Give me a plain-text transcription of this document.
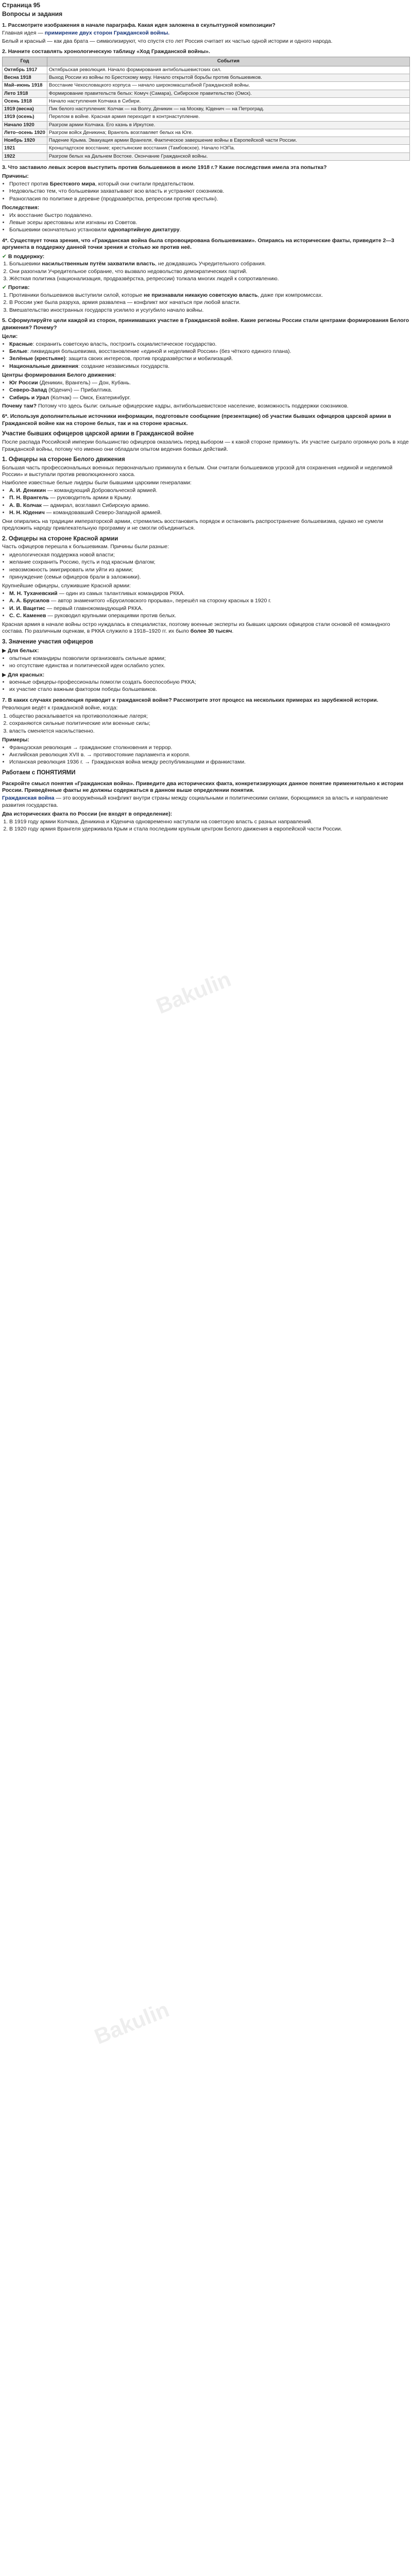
Bakulin
Bakulin
Страница 95
Вопросы и задания
1. Рассмотрите изображения в начале параграфа. Какая идея заложена в скульптурной композиции?

Главная идея — примирение двух сторон Гражданской войны.

Белый и красный — как два брата — символизируют, что спустя сто лет Россия считает их частью одной истории и одного народа.

2. Начните составлять хронологическую таблицу «Ход Гражданской войны».
Год	События
Октябрь 1917	Октябрьская революция. Начало формирования антибольшевистских сил.
Весна 1918	Выход России из войны по Брестскому миру. Начало открытой борьбы против большевиков.
Май–июнь 1918	Восстание Чехословацкого корпуса — начало широкомасштабной Гражданской войны.
Лето 1918	Формирование правительств белых: Комуч (Самара), Сибирское правительство (Омск).
Осень 1918	Начало наступления Колчака в Сибири.
1919 (весна)	Пик белого наступления: Колчак — на Волгу, Деникин — на Москву, Юденич — на Петроград.
1919 (осень)	Перелом в войне. Красная армия переходит в контрнаступление.
Начало 1920	Разгром армии Колчака. Его казнь в Иркутске.
Лето–осень 1920	Разгром войск Деникина; Врангель возглавляет белых на Юге.
Ноябрь 1920	Падение Крыма. Эвакуация армии Врангеля. Фактическое завершение войны в Европейской части России.
1921	Кронштадтское восстание; крестьянские восстания (Тамбовское). Начало НЭПа.
1922	Разгром белых на Дальнем Востоке. Окончание Гражданской войны.
3. Что заставило левых эсеров выступить против большевиков в июле 1918 г.? Какие последствия имела эта попытка?
Причины:
• Протест против Брестского мира, который они считали предательством.
• Недовольство тем, что большевики захватывают всю власть и устраняют союзников.
• Разногласия по политике в деревне (продразвёрстка, репрессии против крестьян).
Последствия:
• Их восстание быстро подавлено.
• Левые эсеры арестованы или изгнаны из Советов.
• Большевики окончательно установили однопартийную диктатуру.
4*. Существует точка зрения, что «Гражданская война была спровоцирована большевиками». Опираясь на исторические факты, приведите 2—3 аргумента в поддержку данной точки зрения и столько же против неё.
✔ В поддержку:
1. Большевики насильственным путём захватили власть, не дождавшись Учредительного собрания.
2. Они разогнали Учредительное собрание, что вызвало недовольство демократических партий.
3. Жёсткая политика (национализация, продразвёрстка, репрессии) толкала многих людей к сопротивлению.
✔ Против:
1. Противники большевиков выступили силой, которые не признавали никакую советскую власть, даже при компромиссах.
2. В России уже была разруха, армия развалена — конфликт мог начаться при любой власти.
3. Вмешательство иностранных государств усилило и усугубило начало войны.
5. Сформулируйте цели каждой из сторон, принимавших участие в Гражданской войне. Какие регионы России стали центрами формирования Белого движения? Почему?
Цели:
• Красные: сохранить советскую власть, построить социалистическое государство.
• Белые: ликвидация большевизма, восстановление «единой и неделимой России» (без чёткого единого плана).
• Зелёные (крестьяне): защита своих интересов, против продразвёрстки и мобилизаций.
• Национальные движения: создание независимых государств.
Центры формирования Белого движения:
• Юг России (Деникин, Врангель) — Дон, Кубань.
• Северо-Запад (Юденич) — Прибалтика.
• Сибирь и Урал (Колчак) — Омск, Екатеринбург.

Почему там? Потому что здесь были: сильные офицерские кадры, антибольшевистское население, возможность поддержки союзников.

6*. Используя дополнительные источники информации, подготовьте сообщение (презентацию) об участии бывших офицеров царской армии в Гражданской войне как на стороне белых, так и на стороне красных.
Участие бывших офицеров царской армии в Гражданской войне

После распада Российской империи большинство офицеров оказались перед выбором — к какой стороне примкнуть. Их участие сыграло огромную роль в ходе Гражданской войны, потому что именно они обладали опытом ведения боевых действий.

1. Офицеры на стороне Белого движения

Большая часть профессиональных военных первоначально примкнула к белым. Они считали большевиков угрозой для сохранения «единой и неделимой России» и выступали против революционного хаоса.

Наиболее известные белые лидеры были бывшими царскими генералами:

• А. И. Деникин — командующий Добровольческой армией.
• П. Н. Врангель — руководитель армии в Крыму.
• А. В. Колчак — адмирал, возглавил Сибирскую армию.
• Н. Н. Юденич — командовавший Северо-Западной армией.

Они опирались на традиции императорской армии, стремились восстановить порядок и остановить распространение большевизма, однако не сумели предложить народу привлекательную программу и не смогли объединиться.

2. Офицеры на стороне Красной армии

Часть офицеров перешла к большевикам. Причины были разные:

• идеологическая поддержка новой власти;
• желание сохранить Россию, пусть и под красным флагом;
• невозможность эмигрировать или уйти из армии;
• принуждение (семьи офицеров брали в заложники).

Крупнейшие офицеры, служившие Красной армии:

• М. Н. Тухачевский — один из самых талантливых командиров РККА.
• А. А. Брусилов — автор знаменитого «Брусиловского прорыва», перешёл на сторону красных в 1920 г.
• И. И. Вацетис — первый главнокомандующий РККА.
• С. С. Каменев — руководил крупными операциями против белых.

Красная армия в начале войны остро нуждалась в специалистах, поэтому военные эксперты из бывших царских офицеров стали основой её командного состава. По различным оценкам, в РККА служило в 1918–1920 гг. их было более 30 тысяч.

3. Значение участия офицеров
▶ Для белых:
• опытные командиры позволили организовать сильные армии;
• но отсутствие единства и политической идеи ослабило успех.
▶ Для красных:
• военные офицеры-профессионалы помогли создать боеспособную РККА;
• их участие стало важным фактором победы большевиков.
7. В каких случаях революция приводит к гражданской войне? Рассмотрите этот процесс на нескольких примерах из зарубежной истории.

Революция ведёт к гражданской войне, когда:

1. общество раскалывается на противоположные лагеря;
2. сохраняются сильные политические или военные силы;
3. власть сменяется насильственно.
Примеры:
• Французская революция → гражданские столкновения и террор.
• Английская революция XVII в. → противостояние парламента и короля.
• Испанская революция 1936 г. → Гражданская война между республиканцами и франкистами.
Работаем с ПОНЯТИЯМИ
Раскройте смысл понятия «Гражданская война». Приведите два исторических факта, конкретизирующих данное понятие применительно к истории России. Приведённые факты не должны содержаться в данном выше определении понятия.

Гражданская война — это вооружённый конфликт внутри страны между социальными и политическими силами, борющимися за власть и направление развития государства.

Два исторических факта по России (не входят в определение):
1. В 1919 году армии Колчака, Деникина и Юденича одновременно наступали на советскую власть с разных направлений.
2. В 1920 году армия Врангеля удерживала Крым и стала последним крупным центром Белого движения в европейской части России.
